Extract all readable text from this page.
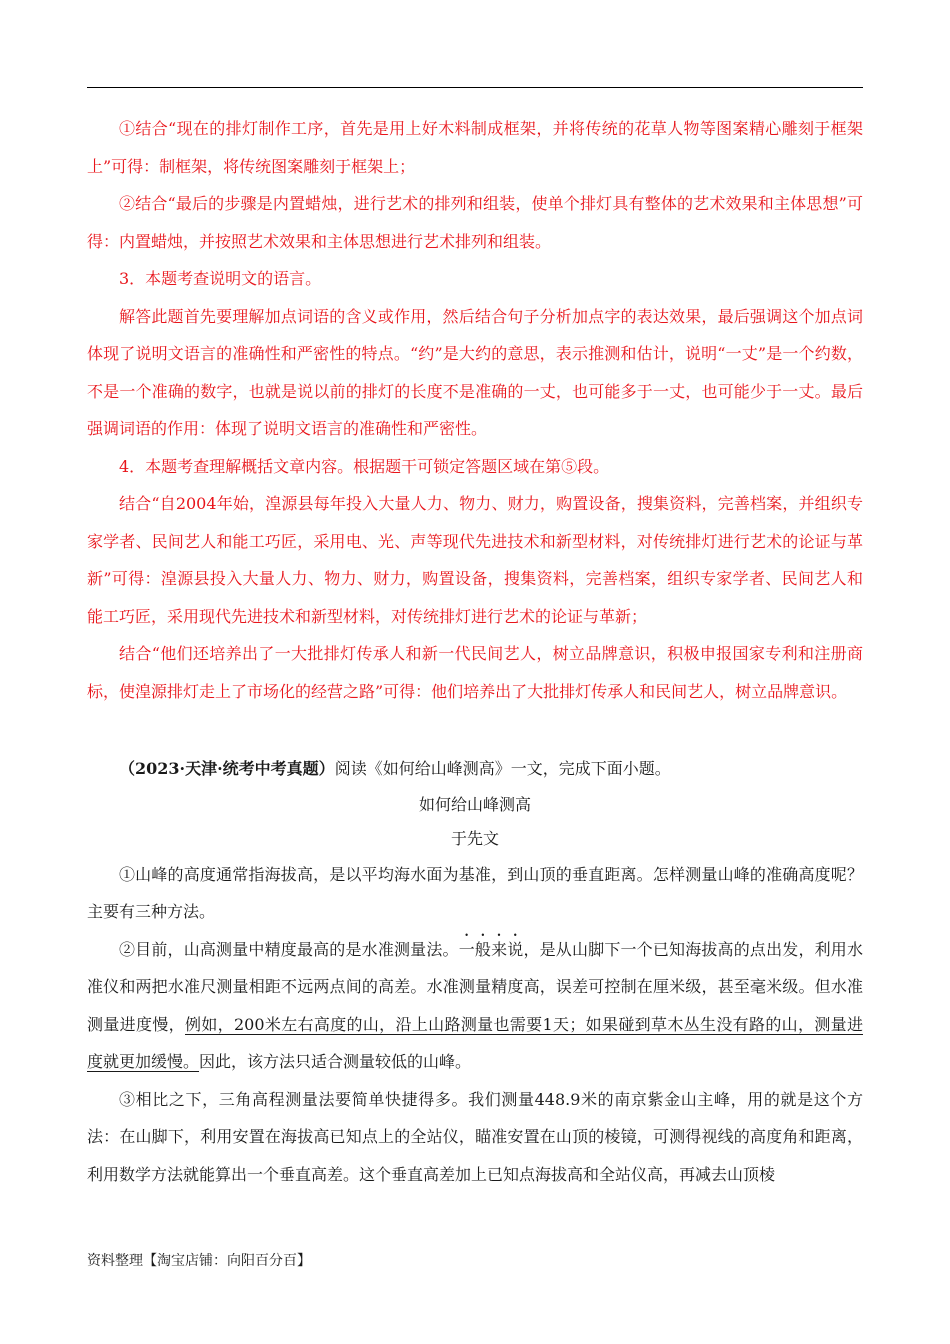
①结合“现在的排灯制作工序，首先是用上好木料制成框架，并将传统的花草人物等图案精心雕刻于框架上”可得：制框架，将传统图案雕刻于框架上；

②结合“最后的步骤是内置蜡烛，进行艺术的排列和组装，使单个排灯具有整体的艺术效果和主体思想”可得：内置蜡烛，并按照艺术效果和主体思想进行艺术排列和组装。

3．本题考查说明文的语言。

解答此题首先要理解加点词语的含义或作用，然后结合句子分析加点字的表达效果，最后强调这个加点词体现了说明文语言的准确性和严密性的特点。“约”是大约的意思，表示推测和估计，说明“一丈”是一个约数，不是一个准确的数字，也就是说以前的排灯的长度不是准确的一丈，也可能多于一丈，也可能少于一丈。最后强调词语的作用：体现了说明文语言的准确性和严密性。

4．本题考查理解概括文章内容。根据题干可锁定答题区域在第⑤段。

结合“自2004年始，湟源县每年投入大量人力、物力、财力，购置设备，搜集资料，完善档案，并组织专家学者、民间艺人和能工巧匠，采用电、光、声等现代先进技术和新型材料，对传统排灯进行艺术的论证与革新”可得：湟源县投入大量人力、物力、财力，购置设备，搜集资料，完善档案，组织专家学者、民间艺人和能工巧匠，采用现代先进技术和新型材料，对传统排灯进行艺术的论证与革新；

结合“他们还培养出了一大批排灯传承人和新一代民间艺人，树立品牌意识，积极申报国家专利和注册商标，使湟源排灯走上了市场化的经营之路”可得：他们培养出了大批排灯传承人和民间艺人，树立品牌意识。

（2023·天津·统考中考真题）阅读《如何给山峰测高》一文，完成下面小题。

如何给山峰测高

于先文

①山峰的高度通常指海拔高，是以平均海水面为基准，到山顶的垂直距离。怎样测量山峰的准确高度呢？主要有三种方法。

②目前，山高测量中精度最高的是水准测量法。一般来说，是从山脚下一个已知海拔高的点出发，利用水准仪和两把水准尺测量相距不远两点间的高差。水准测量精度高，误差可控制在厘米级，甚至毫米级。但水准测量进度慢，例如，200米左右高度的山，沿上山路测量也需要1天；如果碰到草木丛生没有路的山，测量进度就更加缓慢。因此，该方法只适合测量较低的山峰。

③相比之下，三角高程测量法要简单快捷得多。我们测量448.9米的南京紫金山主峰，用的就是这个方法：在山脚下，利用安置在海拔高已知点上的全站仪，瞄准安置在山顶的棱镜，可测得视线的高度角和距离，利用数学方法就能算出一个垂直高差。这个垂直高差加上已知点海拔高和全站仪高，再减去山顶棱

资料整理【淘宝店铺：向阳百分百】
